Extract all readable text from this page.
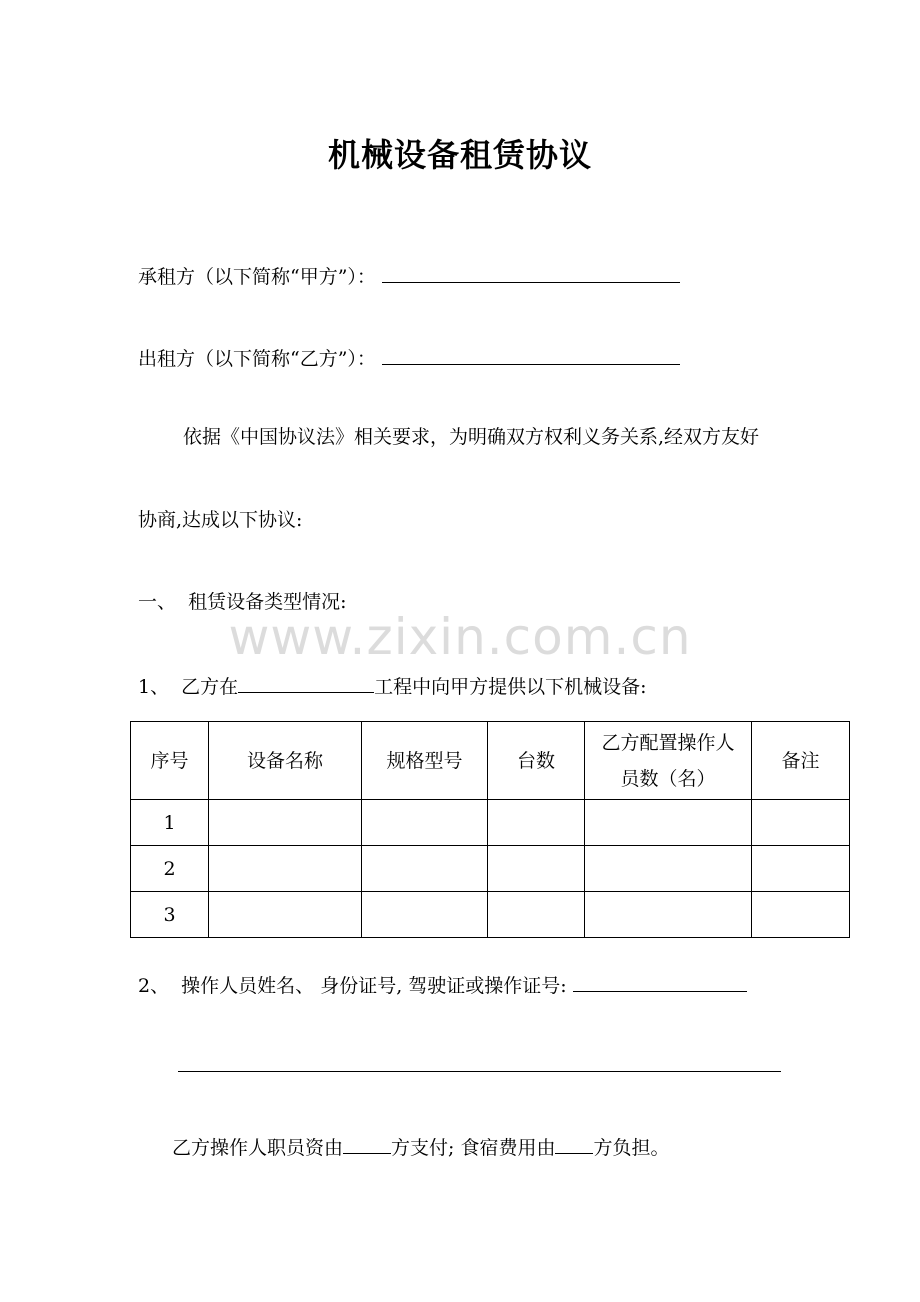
机械设备租赁协议
承租方（以下简称“甲方”）：
出租方（以下简称“乙方”）：
依据《中国协议法》相关要求，为明确双方权利义务关系,经双方友好
协商,达成以下协议:
一、  租赁设备类型情况:
www.zixin.com.cn
1、  乙方在	工程中向甲方提供以下机械设备:
序号	设备名称	规格型号	台数	乙方配置操作人员数（名）	备注
1					
2					
3					
2、  操作人员姓名、 身份证号, 驾驶证或操作证号:
乙方操作人职员资由	方支付; 食宿费用由 方负担。
